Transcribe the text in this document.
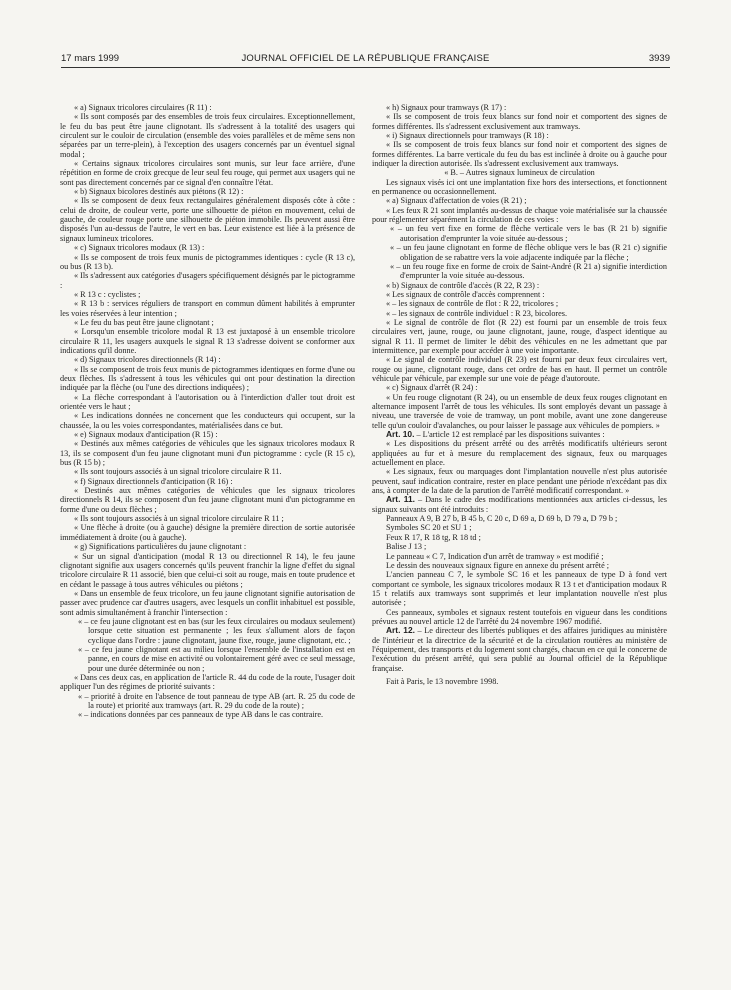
17 mars 1999	JOURNAL OFFICIEL DE LA RÉPUBLIQUE FRANÇAISE	3939

« a) Signaux tricolores circulaires (R 11) :

« Ils sont composés par des ensembles de trois feux circulaires. Exceptionnellement, le feu du bas peut être jaune clignotant. Ils s'adressent à la totalité des usagers qui circulent sur le couloir de circulation (ensemble des voies parallèles et de même sens non séparées par un terre-plein), à l'exception des usagers concernés par un éventuel signal modal ;

« Certains signaux tricolores circulaires sont munis, sur leur face arrière, d'une répétition en forme de croix grecque de leur seul feu rouge, qui permet aux usagers qui ne sont pas directement concernés par ce signal d'en connaître l'état.

« b) Signaux bicolores destinés aux piétons (R 12) :

« Ils se composent de deux feux rectangulaires généralement disposés côte à côte : celui de droite, de couleur verte, porte une silhouette de piéton en mouvement, celui de gauche, de couleur rouge porte une silhouette de piéton immobile. Ils peuvent aussi être disposés l'un au-dessus de l'autre, le vert en bas. Leur existence est liée à la présence de signaux lumineux tricolores.

« c) Signaux tricolores modaux (R 13) :

« Ils se composent de trois feux munis de pictogrammes identiques : cycle (R 13 c), ou bus (R 13 b).

« Ils s'adressent aux catégories d'usagers spécifiquement désignés par le pictogramme :

« R 13 c : cyclistes ;

« R 13 b : services réguliers de transport en commun dûment habilités à emprunter les voies réservées à leur intention ;

« Le feu du bas peut être jaune clignotant ;

« Lorsqu'un ensemble tricolore modal R 13 est juxtaposé à un ensemble tricolore circulaire R 11, les usagers auxquels le signal R 13 s'adresse doivent se conformer aux indications qu'il donne.

« d) Signaux tricolores directionnels (R 14) :

« Ils se composent de trois feux munis de pictogrammes identiques en forme d'une ou deux flèches. Ils s'adressent à tous les véhicules qui ont pour destination la direction indiquée par la flèche (ou l'une des directions indiquées) ;

« La flèche correspondant à l'autorisation ou à l'interdiction d'aller tout droit est orientée vers le haut ;

« Les indications données ne concernent que les conducteurs qui occupent, sur la chaussée, la ou les voies correspondantes, matérialisées dans ce but.

« e) Signaux modaux d'anticipation (R 15) :

« Destinés aux mêmes catégories de véhicules que les signaux tricolores modaux R 13, ils se composent d'un feu jaune clignotant muni d'un pictogramme : cycle (R 15 c), bus (R 15 b) ;

« Ils sont toujours associés à un signal tricolore circulaire R 11.

« f) Signaux directionnels d'anticipation (R 16) :

« Destinés aux mêmes catégories de véhicules que les signaux tricolores directionnels R 14, ils se composent d'un feu jaune clignotant muni d'un pictogramme en forme d'une ou deux flèches ;

« Ils sont toujours associés à un signal tricolore circulaire R 11 ;

« Une flèche à droite (ou à gauche) désigne la première direction de sortie autorisée immédiatement à droite (ou à gauche).

« g) Significations particulières du jaune clignotant :

« Sur un signal d'anticipation (modal R 13 ou directionnel R 14), le feu jaune clignotant signifie aux usagers concernés qu'ils peuvent franchir la ligne d'effet du signal tricolore circulaire R 11 associé, bien que celui-ci soit au rouge, mais en toute prudence et en cédant le passage à tous autres véhicules ou piétons ;

« Dans un ensemble de feux tricolore, un feu jaune clignotant signifie autorisation de passer avec prudence car d'autres usagers, avec lesquels un conflit inhabituel est possible, sont admis simultanément à franchir l'intersection :

« – ce feu jaune clignotant est en bas (sur les feux circulaires ou modaux seulement) lorsque cette situation est permanente ; les feux s'allument alors de façon cyclique dans l'ordre : jaune clignotant, jaune fixe, rouge, jaune clignotant, etc. ;

« – ce feu jaune clignotant est au milieu lorsque l'ensemble de l'installation est en panne, en cours de mise en activité ou volontairement géré avec ce seul message, pour une durée déterminée ou non ;

« Dans ces deux cas, en application de l'article R. 44 du code de la route, l'usager doit appliquer l'un des régimes de priorité suivants :

« – priorité à droite en l'absence de tout panneau de type AB (art. R. 25 du code de la route) et priorité aux tramways (art. R. 29 du code de la route) ;

« – indications données par ces panneaux de type AB dans le cas contraire.

« h) Signaux pour tramways (R 17) :

« Ils se composent de trois feux blancs sur fond noir et comportent des signes de formes différentes. Ils s'adressent exclusivement aux tramways.

« i) Signaux directionnels pour tramways (R 18) :

« Ils se composent de trois feux blancs sur fond noir et comportent des signes de formes différentes. La barre verticale du feu du bas est inclinée à droite ou à gauche pour indiquer la direction autorisée. Ils s'adressent exclusivement aux tramways.

« B. – Autres signaux lumineux de circulation

Les signaux visés ici ont une implantation fixe hors des intersections, et fonctionnent en permanence ou occasionnellement.

« a) Signaux d'affectation de voies (R 21) ;

« Les feux R 21 sont implantés au-dessus de chaque voie matérialisée sur la chaussée pour réglementer séparément la circulation de ces voies :

« – un feu vert fixe en forme de flèche verticale vers le bas (R 21 b) signifie autorisation d'emprunter la voie située au-dessous ;

« – un feu jaune clignotant en forme de flèche oblique vers le bas (R 21 c) signifie obligation de se rabattre vers la voie adjacente indiquée par la flèche ;

« – un feu rouge fixe en forme de croix de Saint-André (R 21 a) signifie interdiction d'emprunter la voie située au-dessous.

« b) Signaux de contrôle d'accès (R 22, R 23) :

« Les signaux de contrôle d'accès comprennent :

« – les signaux de contrôle de flot : R 22, tricolores ;

« – les signaux de contrôle individuel : R 23, bicolores.

« Le signal de contrôle de flot (R 22) est fourni par un ensemble de trois feux circulaires vert, jaune, rouge, ou jaune clignotant, jaune, rouge, d'aspect identique au signal R 11. Il permet de limiter le débit des véhicules en ne les admettant que par intermittence, par exemple pour accéder à une voie importante.

« Le signal de contrôle individuel (R 23) est fourni par deux feux circulaires vert, rouge ou jaune, clignotant rouge, dans cet ordre de bas en haut. Il permet un contrôle véhicule par véhicule, par exemple sur une voie de péage d'autoroute.

« c) Signaux d'arrêt (R 24) :

« Un feu rouge clignotant (R 24), ou un ensemble de deux feux rouges clignotant en alternance imposent l'arrêt de tous les véhicules. Ils sont employés devant un passage à niveau, une traversée de voie de tramway, un pont mobile, avant une zone dangereuse telle qu'un couloir d'avalanches, ou pour laisser le passage aux véhicules de pompiers. »

Art. 10. – L'article 12 est remplacé par les dispositions suivantes :

« Les dispositions du présent arrêté ou des arrêtés modificatifs ultérieurs seront appliquées au fur et à mesure du remplacement des signaux, feux ou marquages actuellement en place.

« Les signaux, feux ou marquages dont l'implantation nouvelle n'est plus autorisée peuvent, sauf indication contraire, rester en place pendant une période n'excédant pas dix ans, à compter de la date de la parution de l'arrêté modificatif correspondant. »

Art. 11. – Dans le cadre des modifications mentionnées aux articles ci-dessus, les signaux suivants ont été introduits :

Panneaux A 9, B 27 b, B 45 b, C 20 c, D 69 a, D 69 b, D 79 a, D 79 b ;

Symboles SC 20 et SU 1 ;

Feux R 17, R 18 tg, R 18 td ;

Balise J 13 ;

Le panneau « C 7, Indication d'un arrêt de tramway » est modifié ;

Le dessin des nouveaux signaux figure en annexe du présent arrêté ;

L'ancien panneau C 7, le symbole SC 16 et les panneaux de type D à fond vert comportant ce symbole, les signaux tricolores modaux R 13 t et d'anticipation modaux R 15 t relatifs aux tramways sont supprimés et leur implantation nouvelle n'est plus autorisée ;

Ces panneaux, symboles et signaux restent toutefois en vigueur dans les conditions prévues au nouvel article 12 de l'arrêté du 24 novembre 1967 modifié.

Art. 12. – Le directeur des libertés publiques et des affaires juridiques au ministère de l'intérieur et la directrice de la sécurité et de la circulation routières au ministère de l'équipement, des transports et du logement sont chargés, chacun en ce qui le concerne de l'exécution du présent arrêté, qui sera publié au Journal officiel de la République française.

Fait à Paris, le 13 novembre 1998.
